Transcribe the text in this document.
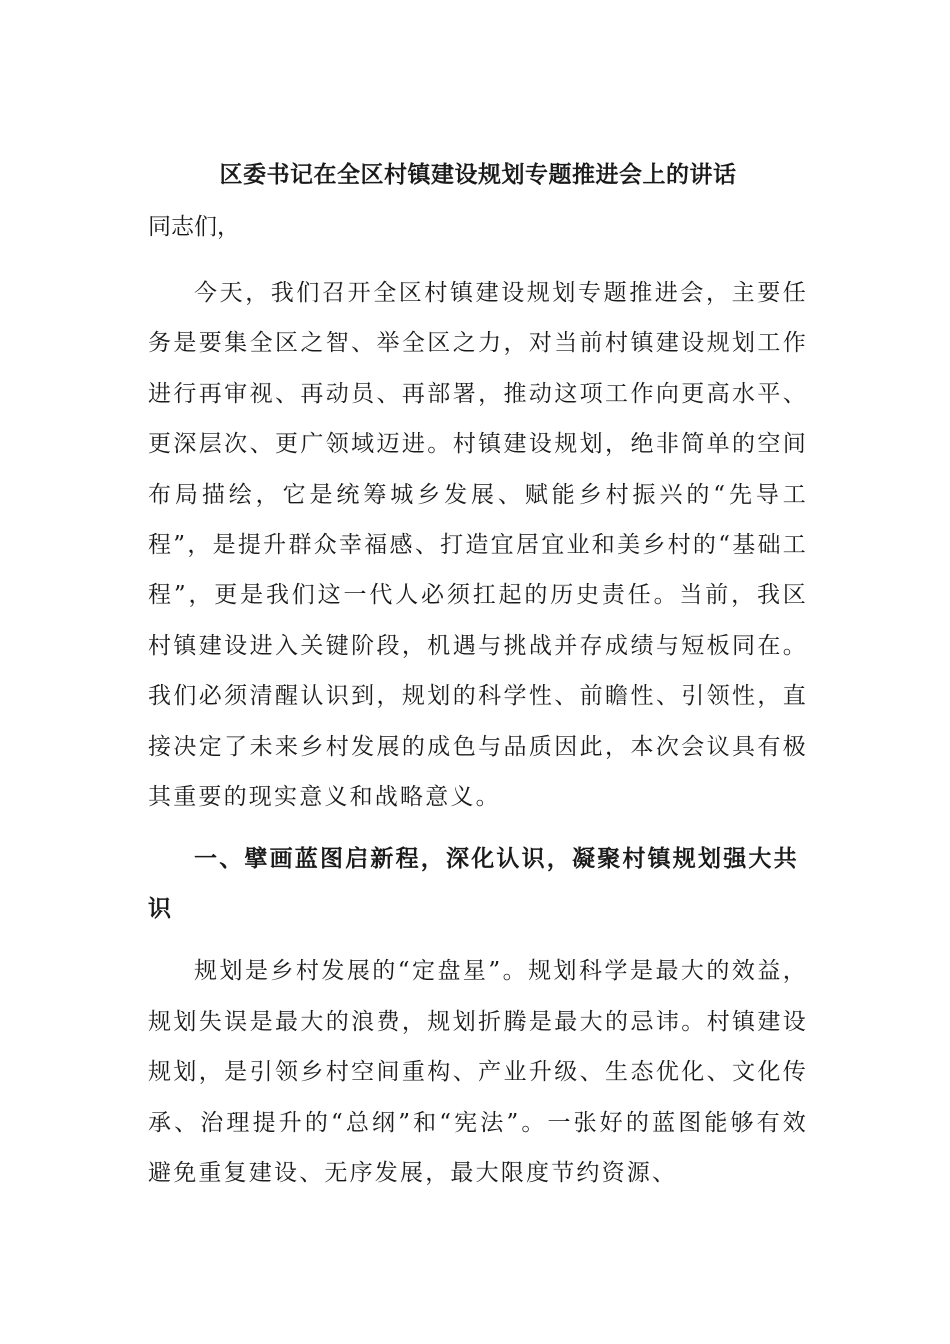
区委书记在全区村镇建设规划专题推进会上的讲话
同志们，

今天，我们召开全区村镇建设规划专题推进会，主要任务是要集全区之智、举全区之力，对当前村镇建设规划工作进行再审视、再动员、再部署，推动这项工作向更高水平、更深层次、更广领域迈进。村镇建设规划，绝非简单的空间布局描绘，它是统筹城乡发展、赋能乡村振兴的“先导工程”，是提升群众幸福感、打造宜居宜业和美乡村的“基础工程”，更是我们这一代人必须扛起的历史责任。当前，我区村镇建设进入关键阶段，机遇与挑战并存成绩与短板同在。我们必须清醒认识到，规划的科学性、前瞻性、引领性，直接决定了未来乡村发展的成色与品质因此，本次会议具有极其重要的现实意义和战略意义。

一、擘画蓝图启新程，深化认识，凝聚村镇规划强大共识

规划是乡村发展的“定盘星”。规划科学是最大的效益，规划失误是最大的浪费，规划折腾是最大的忌讳。村镇建设规划，是引领乡村空间重构、产业升级、生态优化、文化传承、治理提升的“总纲”和“宪法”。一张好的蓝图能够有效避免重复建设、无序发展，最大限度节约资源、
